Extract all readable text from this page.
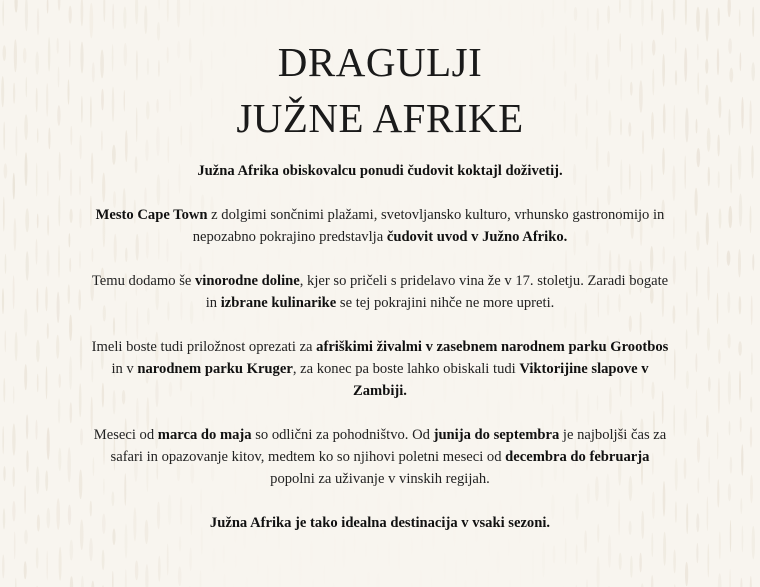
DRAGULJI
JUŽNE AFRIKE

Južna Afrika obiskovalcu ponudi čudovit koktajl doživetij.

Mesto Cape Town z dolgimi sončnimi plažami, svetovljansko kulturo, vrhunsko gastronomijo in nepozabno pokrajino predstavlja čudovit uvod v Južno Afriko.

Temu dodamo še vinorodne doline, kjer so pričeli s pridelavo vina že v 17. stoletju. Zaradi bogate in izbrane kulinarike se tej pokrajini nihče ne more upreti.

Imeli boste tudi priložnost oprezati za afriškimi živalmi v zasebnem narodnem parku Grootbos in v narodnem parku Kruger, za konec pa boste lahko obiskali tudi Viktorijine slapove v Zambiji.

Meseci od marca do maja so odlični za pohodništvo. Od junija do septembra je najboljši čas za safari in opazovanje kitov, medtem ko so njihovi poletni meseci od decembra do februarja popolni za uživanje v vinskih regijah.

Južna Afrika je tako idealna destinacija v vsaki sezoni.
